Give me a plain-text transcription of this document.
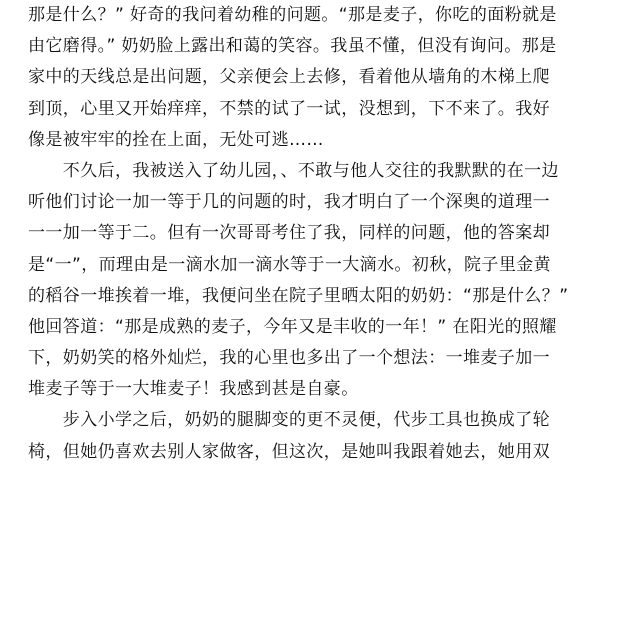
那是什么？” 好奇的我问着幼稚的问题。“那是麦子，你吃的面粉就是
由它磨得。” 奶奶脸上露出和蔼的笑容。我虽不懂，但没有询问。那是
家中的天线总是出问题，父亲便会上去修，看着他从墙角的木梯上爬
到顶，心里又开始痒痒，不禁的试了一试，没想到，下不来了。我好
像是被牢牢的拴在上面，无处可逃……
　　不久后，我被送入了幼儿园，、不敢与他人交往的我默默的在一边
听他们讨论一加一等于几的问题的时，我才明白了一个深奥的道理一
一一加一等于二。但有一次哥哥考住了我，同样的问题，他的答案却
是“一”，而理由是一滴水加一滴水等于一大滴水。初秋，院子里金黄
的稻谷一堆挨着一堆，我便问坐在院子里晒太阳的奶奶：“那是什么？”
他回答道：“那是成熟的麦子，今年又是丰收的一年！” 在阳光的照耀
下，奶奶笑的格外灿烂，我的心里也多出了一个想法：一堆麦子加一
堆麦子等于一大堆麦子！我感到甚是自豪。
　　步入小学之后，奶奶的腿脚变的更不灵便，代步工具也换成了轮
椅，但她仍喜欢去别人家做客，但这次，是她叫我跟着她去，她用双
